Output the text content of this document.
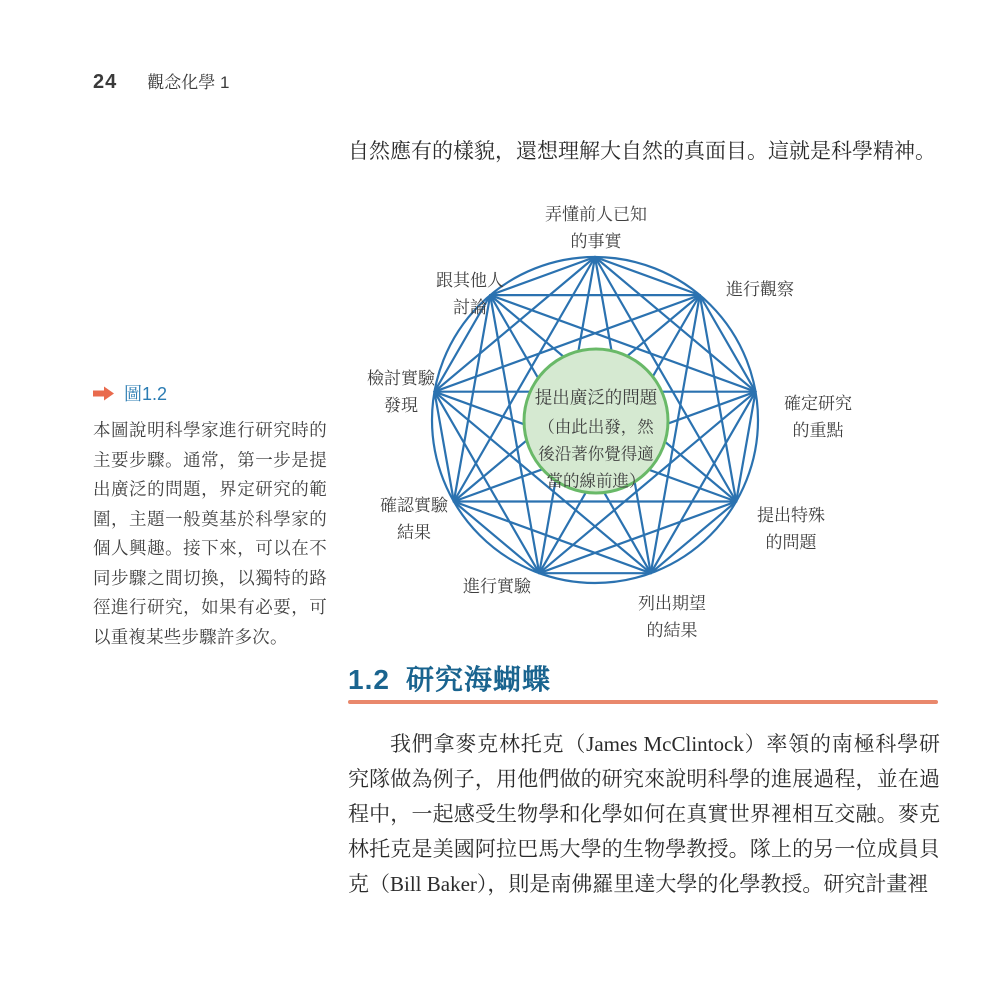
24 觀念化學 1

自然應有的樣貌，還想理解大自然的真面目。這就是科學精神。

圖1.2
本圖說明科學家進行研究時的主要步驟。通常，第一步是提出廣泛的問題，界定研究的範圍，主題一般奠基於科學家的個人興趣。接下來，可以在不同步驟之間切換，以獨特的路徑進行研究，如果有必要，可以重複某些步驟許多次。
提出廣泛的問題
（由此出發，然
後沿著你覺得適
當的線前進）
弄懂前人已知
的事實
進行觀察
確定研究
的重點
提出特殊
的問題
列出期望
的結果
進行實驗
確認實驗
結果
檢討實驗
發現
跟其他人
討論
1.2 研究海蝴蝶

我們拿麥克林托克（James McClintock）率領的南極科學研究隊做為例子，用他們做的研究來說明科學的進展過程，並在過程中，一起感受生物學和化學如何在真實世界裡相互交融。麥克林托克是美國阿拉巴馬大學的生物學教授。隊上的另一位成員貝克（Bill Baker），則是南佛羅里達大學的化學教授。研究計畫裡
